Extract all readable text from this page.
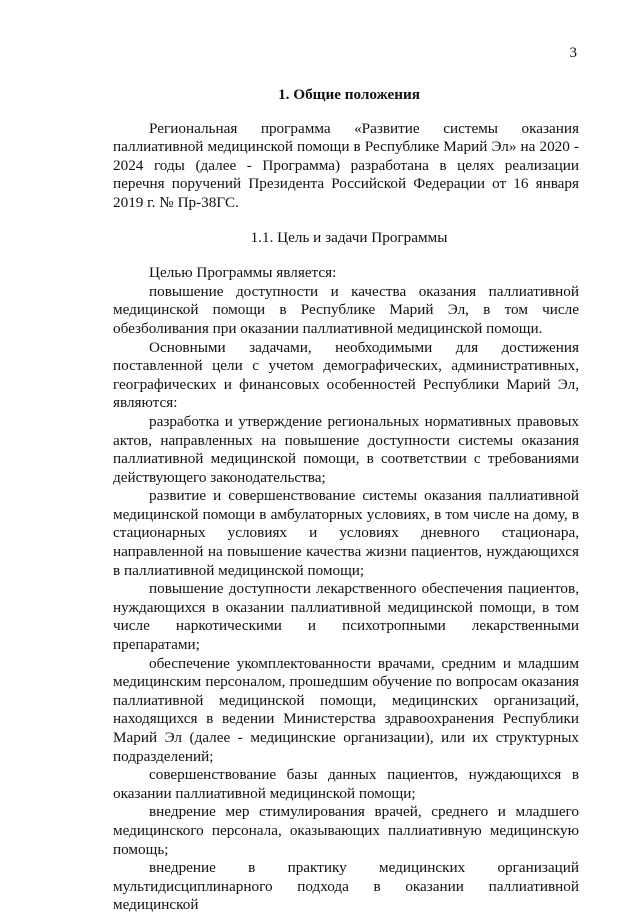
3
1. Общие положения

Региональная программа «Развитие системы оказания паллиативной медицинской помощи в Республике Марий Эл» на 2020 - 2024 годы (далее - Программа) разработана в целях реализации перечня поручений Президента Российской Федерации от 16 января 2019 г. № Пр-38ГС.

1.1. Цель и задачи Программы

Целью Программы является:

повышение доступности и качества оказания паллиативной медицинской помощи в Республике Марий Эл, в том числе обезболивания при оказании паллиативной медицинской помощи.

Основными задачами, необходимыми для достижения поставленной цели с учетом демографических, административных, географических и финансовых особенностей Республики Марий Эл, являются:

разработка и утверждение региональных нормативных правовых актов, направленных на повышение доступности системы оказания паллиативной медицинской помощи, в соответствии с требованиями действующего законодательства;

развитие и совершенствование системы оказания паллиативной медицинской помощи в амбулаторных условиях, в том числе на дому, в стационарных условиях и условиях дневного стационара, направленной на повышение качества жизни пациентов, нуждающихся в паллиативной медицинской помощи;

повышение доступности лекарственного обеспечения пациентов, нуждающихся в оказании паллиативной медицинской помощи, в том числе наркотическими и психотропными лекарственными препаратами;

обеспечение укомплектованности врачами, средним и младшим медицинским персоналом, прошедшим обучение по вопросам оказания паллиативной медицинской помощи, медицинских организаций, находящихся в ведении Министерства здравоохранения Республики Марий Эл (далее - медицинские организации), или их структурных подразделений;

совершенствование базы данных пациентов, нуждающихся в оказании паллиативной медицинской помощи;

внедрение мер стимулирования врачей, среднего и младшего медицинского персонала, оказывающих паллиативную медицинскую помощь;

внедрение в практику медицинских организаций мультидисциплинарного подхода в оказании паллиативной медицинской
